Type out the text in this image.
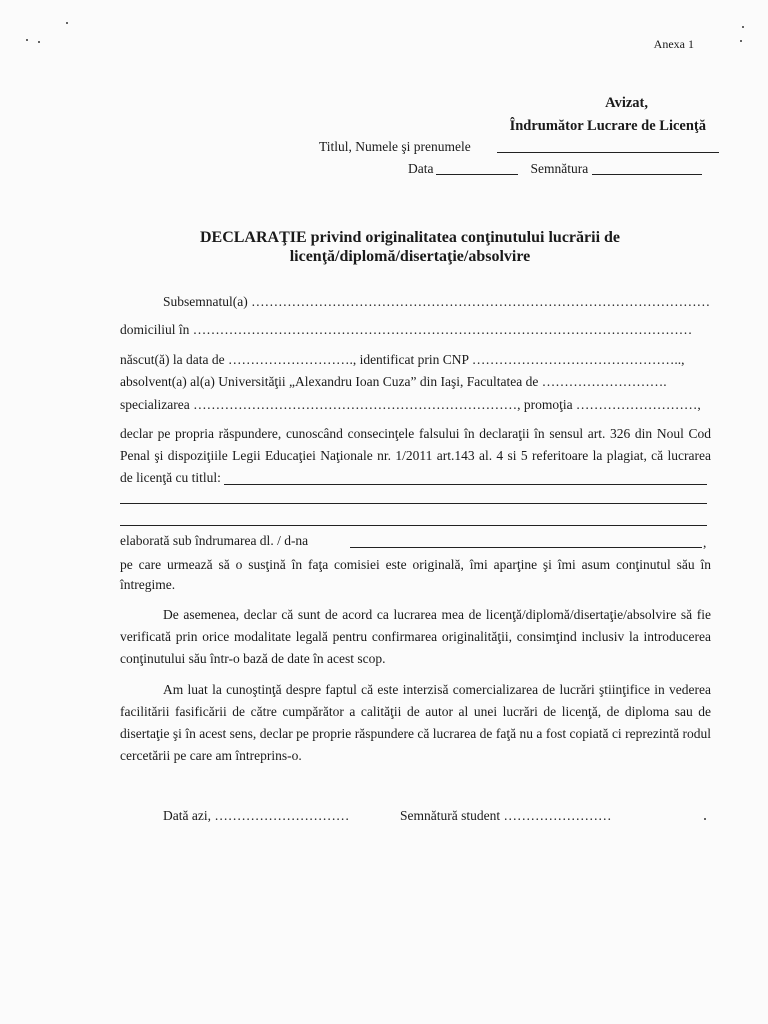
Anexa 1
Avizat,
Îndrumător Lucrare de Licenţă
Titlul, Numele şi prenumele
Data	Semnătura
DECLARAŢIE privind originalitatea conţinutului lucrării de
licenţă/diplomă/disertaţie/absolvire
Subsemnatul(a) …………………………………………………………………………………………
domiciliul în …………………………………………………………………………………………………
născut(ă) la data de ………………………., identificat prin CNP ………………………………………..,
absolvent(a) al(a) Universităţii „Alexandru Ioan Cuza” din Iaşi, Facultatea de ……………………….
specializarea ………………………………………………………………, promoţia ………………………,
declar pe propria răspundere, cunoscând consecinţele falsului în declaraţii în sensul art. 326 din Noul Cod
Penal şi dispoziţiile Legii Educaţiei Naţionale nr. 1/2011 art.143 al. 4 si 5 referitoare la plagiat, că lucrarea
de licenţă cu titlul:
elaborată sub îndrumarea dl. / d-na	,
pe care urmează să o susţină în faţa comisiei este originală, îmi aparţine şi îmi asum conţinutul său în
întregime.
De asemenea, declar că sunt de acord ca lucrarea mea de licenţă/diplomă/disertaţie/absolvire să fie
verificată prin orice modalitate legală pentru confirmarea originalităţii, consimţind inclusiv la introducerea
conţinutului său într-o bază de date în acest scop.
Am luat la cunoştinţă despre faptul că este interzisă comercializarea de lucrări ştiinţifice in vederea
facilitării fasificării de către cumpărător a calităţii de autor al unei lucrări de licenţă, de diploma sau de
disertaţie şi în acest sens, declar pe proprie răspundere că lucrarea de faţă nu a fost copiată ci reprezintă rodul
cercetării pe care am întreprins-o.
Dată azi, …………………………	Semnătură student ……………………
